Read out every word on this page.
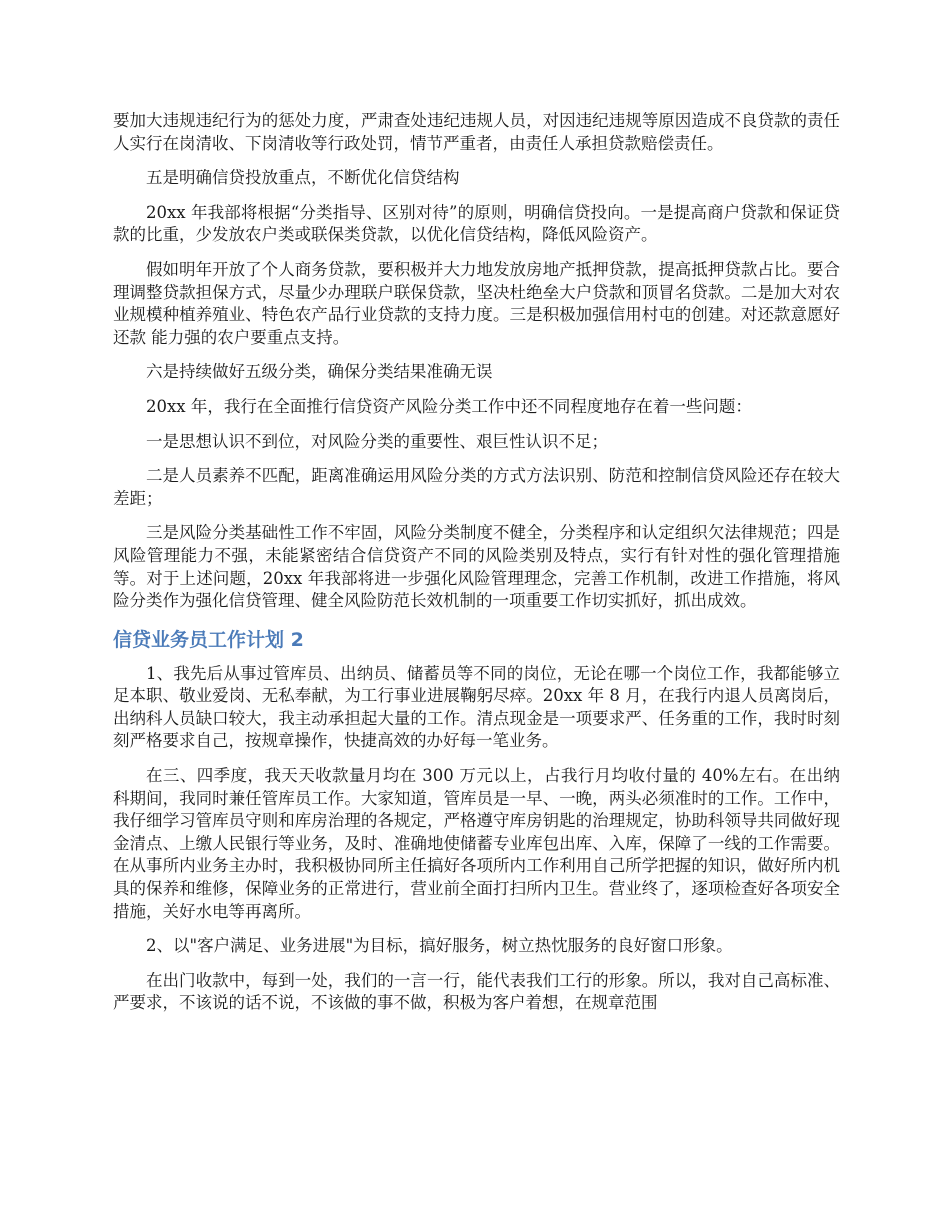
要加大违规违纪行为的惩处力度，严肃查处违纪违规人员，对因违纪违规等原因造成不良贷款的责任人实行在岗清收、下岗清收等行政处罚，情节严重者，由责任人承担贷款赔偿责任。

五是明确信贷投放重点，不断优化信贷结构

20xx 年我部将根据“分类指导、区别对待”的原则，明确信贷投向。一是提高商户贷款和保证贷款的比重，少发放农户类或联保类贷款，以优化信贷结构，降低风险资产。

假如明年开放了个人商务贷款，要积极并大力地发放房地产抵押贷款，提高抵押贷款占比。要合理调整贷款担保方式，尽量少办理联户联保贷款，坚决杜绝垒大户贷款和顶冒名贷款。二是加大对农业规模种植养殖业、特色农产品行业贷款的支持力度。三是积极加强信用村屯的创建。对还款意愿好还款 能力强的农户要重点支持。

六是持续做好五级分类，确保分类结果准确无误

20xx 年，我行在全面推行信贷资产风险分类工作中还不同程度地存在着一些问题：

一是思想认识不到位，对风险分类的重要性、艰巨性认识不足；

二是人员素养不匹配，距离准确运用风险分类的方式方法识别、防范和控制信贷风险还存在较大差距；

三是风险分类基础性工作不牢固，风险分类制度不健全，分类程序和认定组织欠法律规范；四是风险管理能力不强，未能紧密结合信贷资产不同的风险类别及特点，实行有针对性的强化管理措施等。对于上述问题，20xx 年我部将进一步强化风险管理理念，完善工作机制，改进工作措施，将风险分类作为强化信贷管理、健全风险防范长效机制的一项重要工作切实抓好，抓出成效。

信贷业务员工作计划 2

1、我先后从事过管库员、出纳员、储蓄员等不同的岗位，无论在哪一个岗位工作，我都能够立足本职、敬业爱岗、无私奉献，为工行事业进展鞠躬尽瘁。20xx 年 8 月，在我行内退人员离岗后，出纳科人员缺口较大，我主动承担起大量的工作。清点现金是一项要求严、任务重的工作，我时时刻刻严格要求自己，按规章操作，快捷高效的办好每一笔业务。

在三、四季度，我天天收款量月均在 300 万元以上，占我行月均收付量的 40%左右。在出纳科期间，我同时兼任管库员工作。大家知道，管库员是一早、一晚，两头必须准时的工作。工作中，我仔细学习管库员守则和库房治理的各规定，严格遵守库房钥匙的治理规定，协助科领导共同做好现金清点、上缴人民银行等业务，及时、准确地使储蓄专业库包出库、入库，保障了一线的工作需要。在从事所内业务主办时，我积极协同所主任搞好各项所内工作利用自己所学把握的知识，做好所内机具的保养和维修，保障业务的正常进行，营业前全面打扫所内卫生。营业终了，逐项检查好各项安全措施，关好水电等再离所。

2、以"客户满足、业务进展"为目标，搞好服务，树立热忱服务的良好窗口形象。

在出门收款中，每到一处，我们的一言一行，能代表我们工行的形象。所以，我对自己高标准、严要求，不该说的话不说，不该做的事不做，积极为客户着想，在规章范围
